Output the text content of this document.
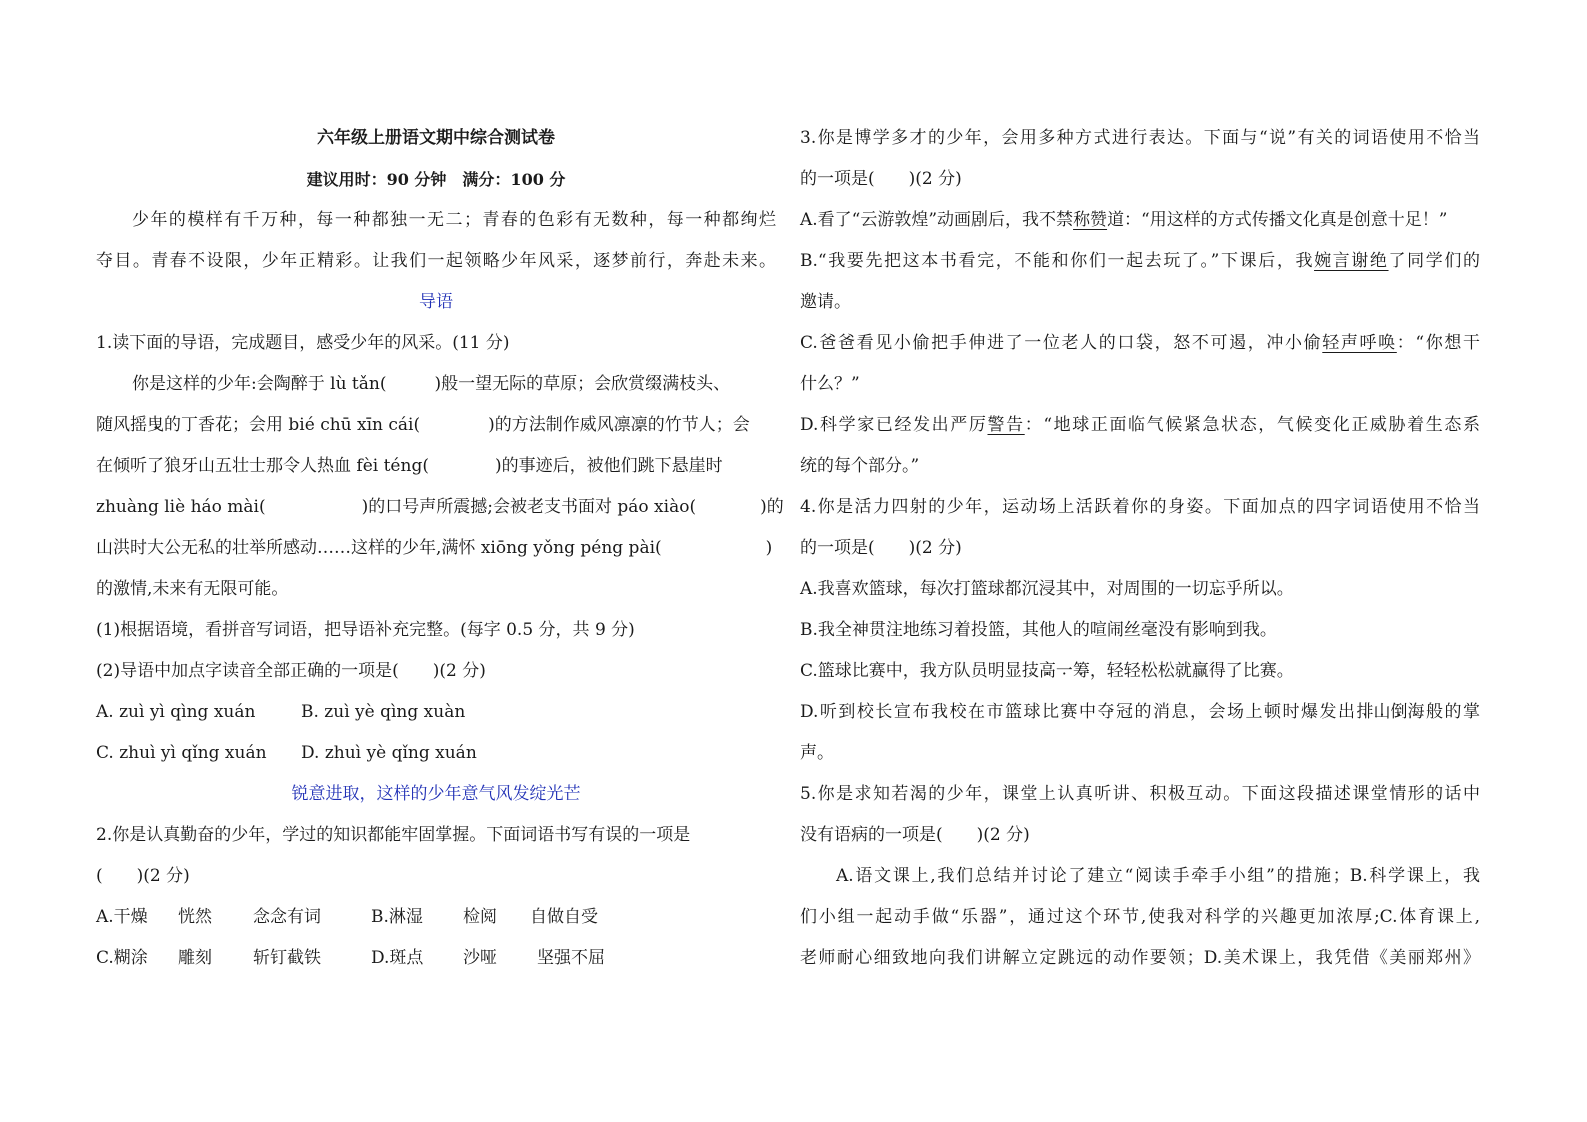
六年级上册语文期中综合测试卷
建议用时：90 分钟　满分：100 分
少年的模样有千万种，每一种都独一无二；青春的色彩有无数种，每一种都绚烂
夺目。青春不设限，少年正精彩。让我们一起领略少年风采，逐梦前行，奔赴未来。
导语
1.读下面的导语，完成题目，感受少年的风采。(11 分)
你是这样的少年:会陶醉于 lù tǎn(	)般一望无际的草原；会欣赏缀 ·满枝头、
随风摇曳 ·的丁香花；会用 bié chū xīn cái(	)的方法制作威风凛凛 ·的竹节人；会
在倾听了狼牙山五壮士那令人热血 fèi téng(	)的事迹后，被他们跳下悬 ·崖时
zhuàng liè háo mài(	)的口号声所震撼;会被老支书面对 páo xiào(	)的
山洪时大公无私的壮举所感动……这样的少年,满怀 xiōng yǒng péng pài(	)
的激情,未来有无限可能。
(1)根据语境，看拼音写词语，把导语补充完整。(每字 0.5 分，共 9 分)
(2)导语中加点字读音全部正确的一项是(　　)(2 分)
A. zuì yì qìng xuán	B. zuì yè qìng xuàn
C. zhuì yì qǐng xuán D. zhuì yè qǐng xuán
锐意进取，这样的少年意气风发绽光芒
2.你是认真勤奋的少年，学过的知识都能牢固掌握。下面词语书写有误的一项是
(　　)(2 分)
A.干燥 恍然 念念有词	B.淋湿 检阅 自做自受
C.糊涂 雕刻 斩钉截铁	D.斑点 沙哑 坚强不屈
3.你是博学多才的少年，会用多种方式进行表达。下面与“说”有关的词语使用不恰当
的一项是(　　)(2 分)
A.看了“云游敦煌”动画剧后，我不禁称赞道：“用这样的方式传播文化真是创意十足！”
B.“我要先把这本书看完，不能和你们一起去玩了。”下课后，我婉言谢绝了同学们的
邀请。
C.爸爸看见小偷把手伸进了一位老人的口袋，怒不可遏，冲小偷轻声呼唤：“你想干
什么？”
D.科学家已经发出严厉警告：“地球正面临气候紧急状态，气候变化正威胁着生态系
统的每个部分。”
4.你是活力四射的少年，运动场上活跃着你的身姿。下面加点的四字词语使用不恰当
的一项是(　　)(2 分)
A.我喜欢篮球，每次打篮球都沉浸其中，对周围的一切忘 ·乎 ·所 ·以 ·。
B.我全 ·神 ·贯 ·注 ·地练习着投篮，其他人的喧闹丝毫没有影响到我。
C.篮球比赛中，我方队员明显技 ·高 ·一 ·筹 ·，轻轻松松就赢得了比赛。
D.听到校长宣布我校在市篮球比赛中夺冠的消息，会场上顿时爆发出排 ·山 ·倒 ·海 ·般的掌
声。
5.你是求知若渴的少年，课堂上认真听讲、积极互动。下面这段描述课堂情形的话中
没有语病的一项是(　　)(2 分)
A.语文课上,我们总结并讨论了建立“阅读手牵手小组”的措施；B.科学课上，我
们小组一起动手做“乐器”，通过这个环节,使我对科学的兴趣更加浓厚;C.体育课上,
老师耐心细致地向我们讲解立定跳远的动作要领；D.美术课上，我凭借《美丽郑州》
